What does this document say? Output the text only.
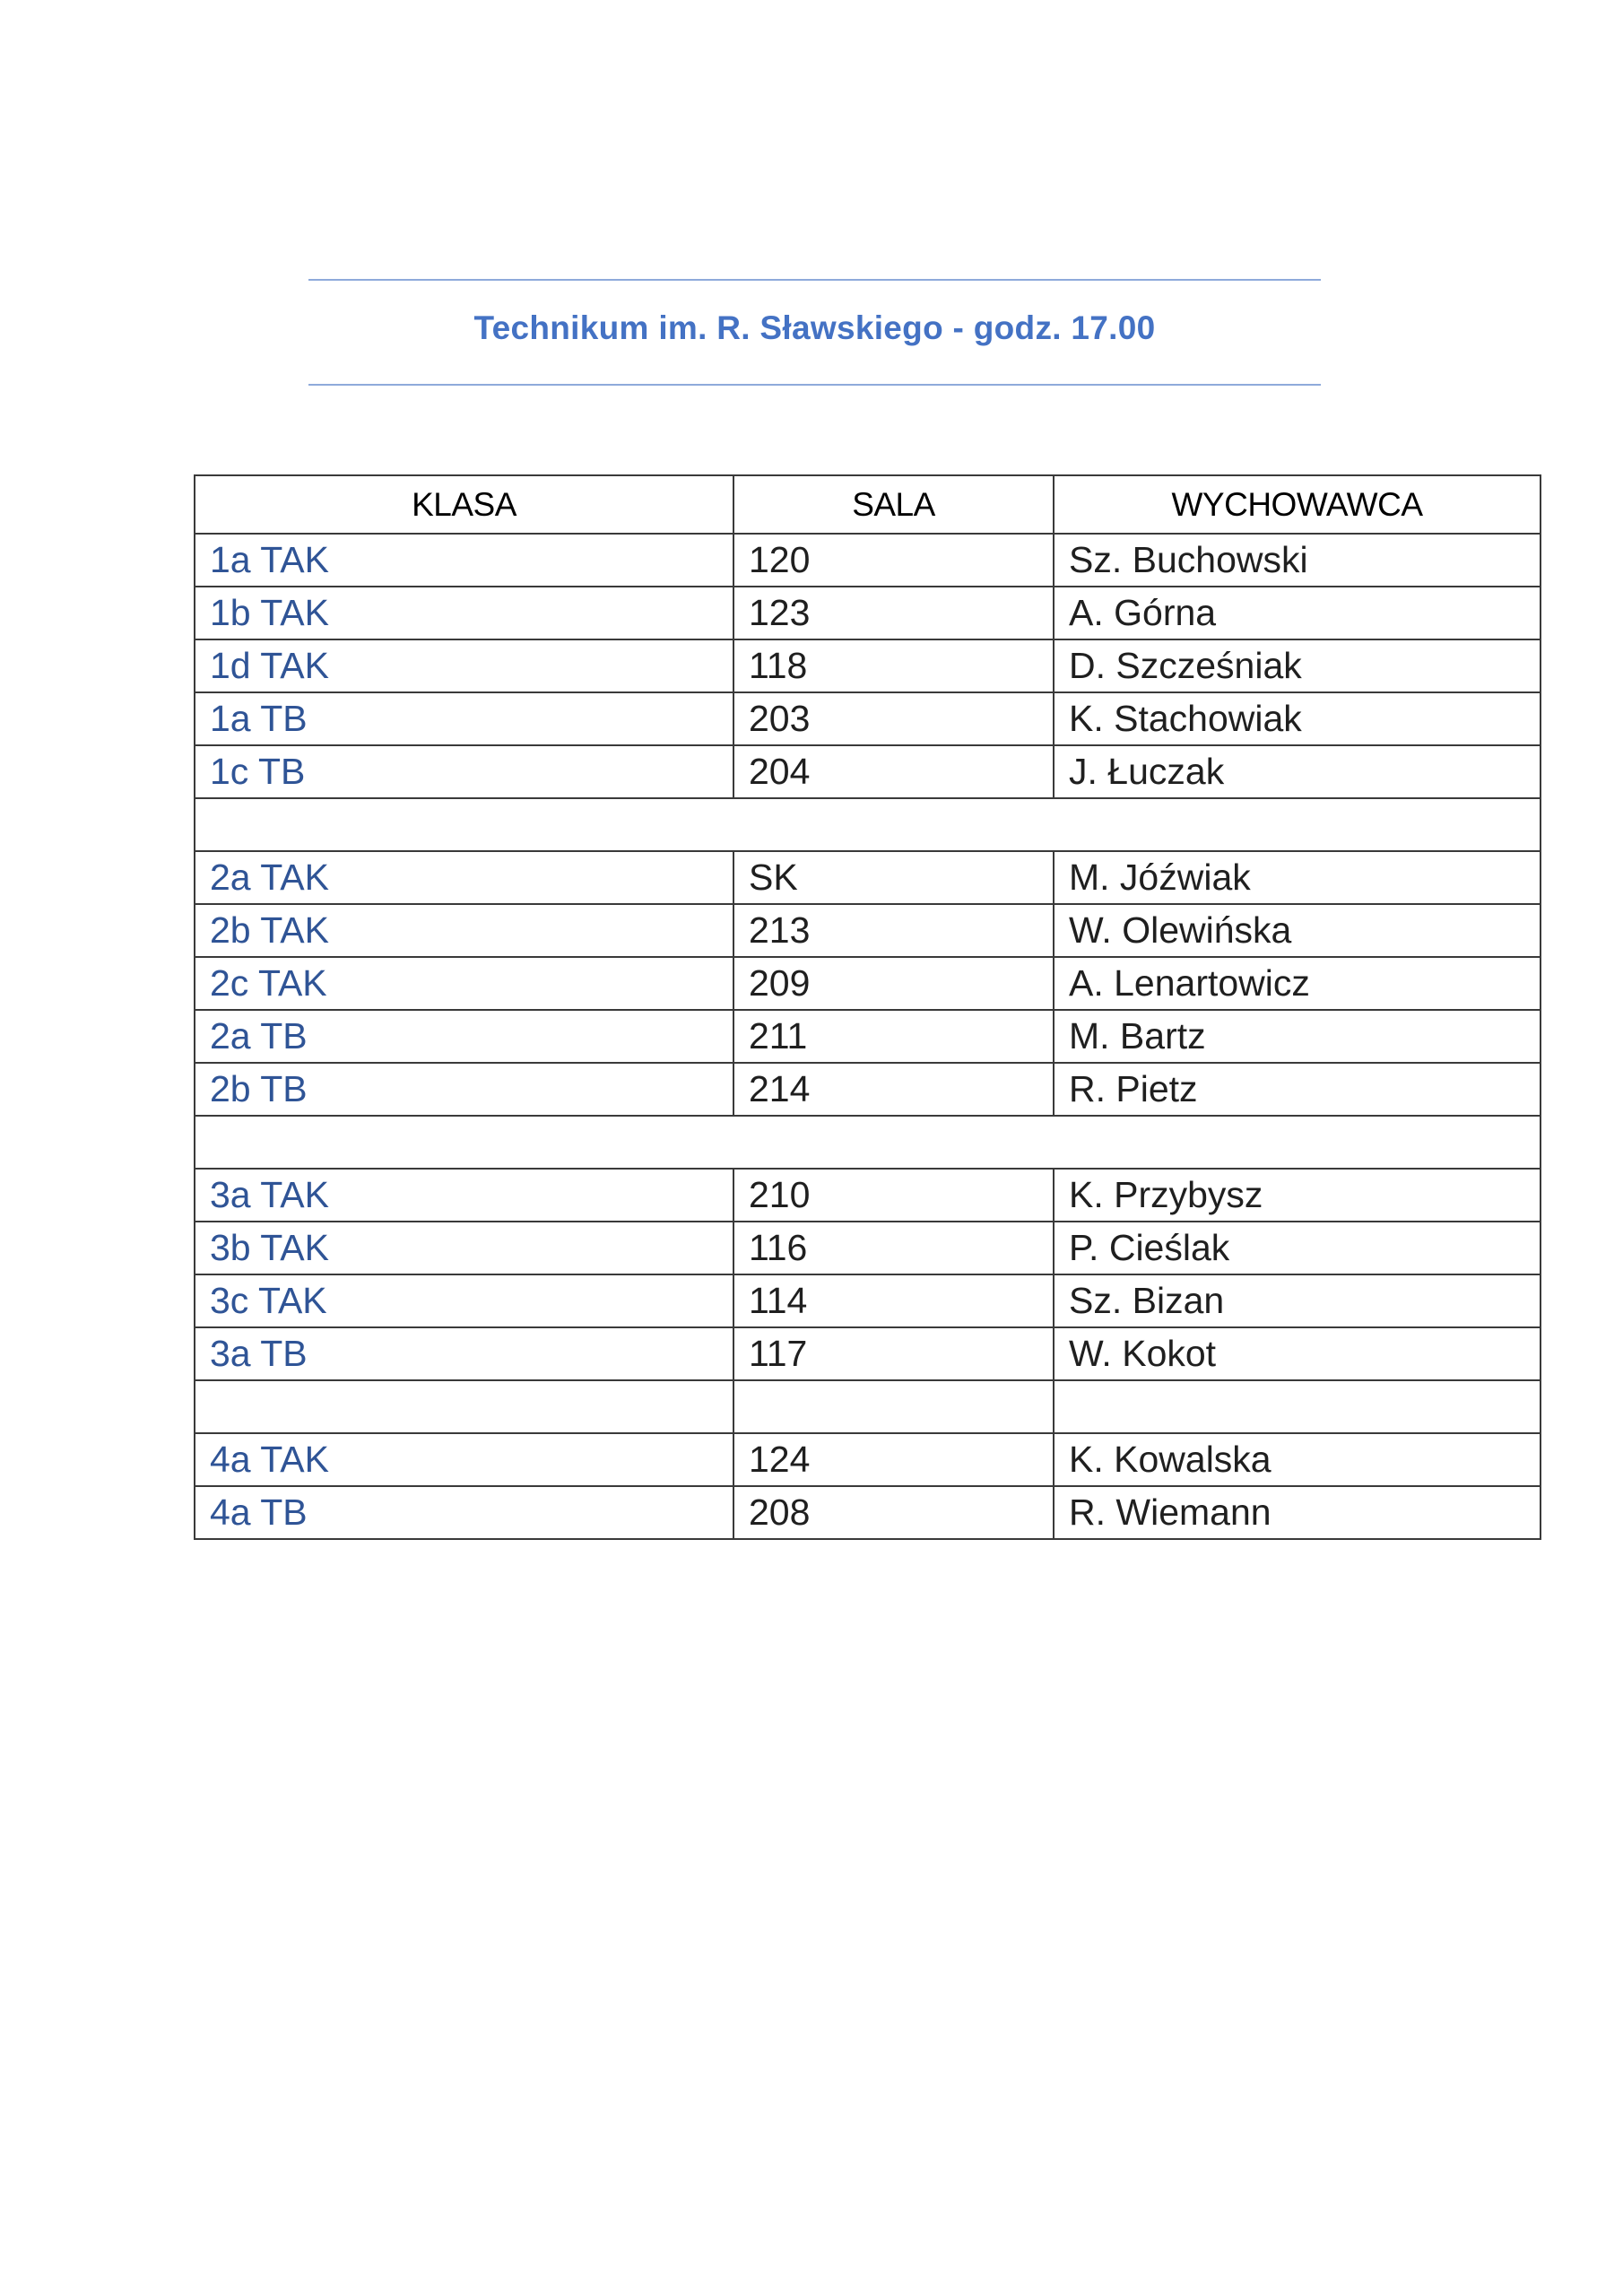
Technikum im. R. Sławskiego - godz. 17.00
KLASA	SALA	WYCHOWAWCA
1a TAK	120	Sz. Buchowski
1b TAK	123	A. Górna
1d TAK	118	D. Szcześniak
1a TB	203	K. Stachowiak
1c TB	204	J. Łuczak

2a TAK	SK	M. Jóźwiak
2b TAK	213	W. Olewińska
2c TAK	209	A. Lenartowicz
2a TB	211	M. Bartz
2b TB	214	R. Pietz

3a TAK	210	K. Przybysz
3b TAK	116	P. Cieślak
3c TAK	114	Sz. Bizan
3a TB	117	W. Kokot

4a TAK	124	K. Kowalska
4a TB	208	R. Wiemann
